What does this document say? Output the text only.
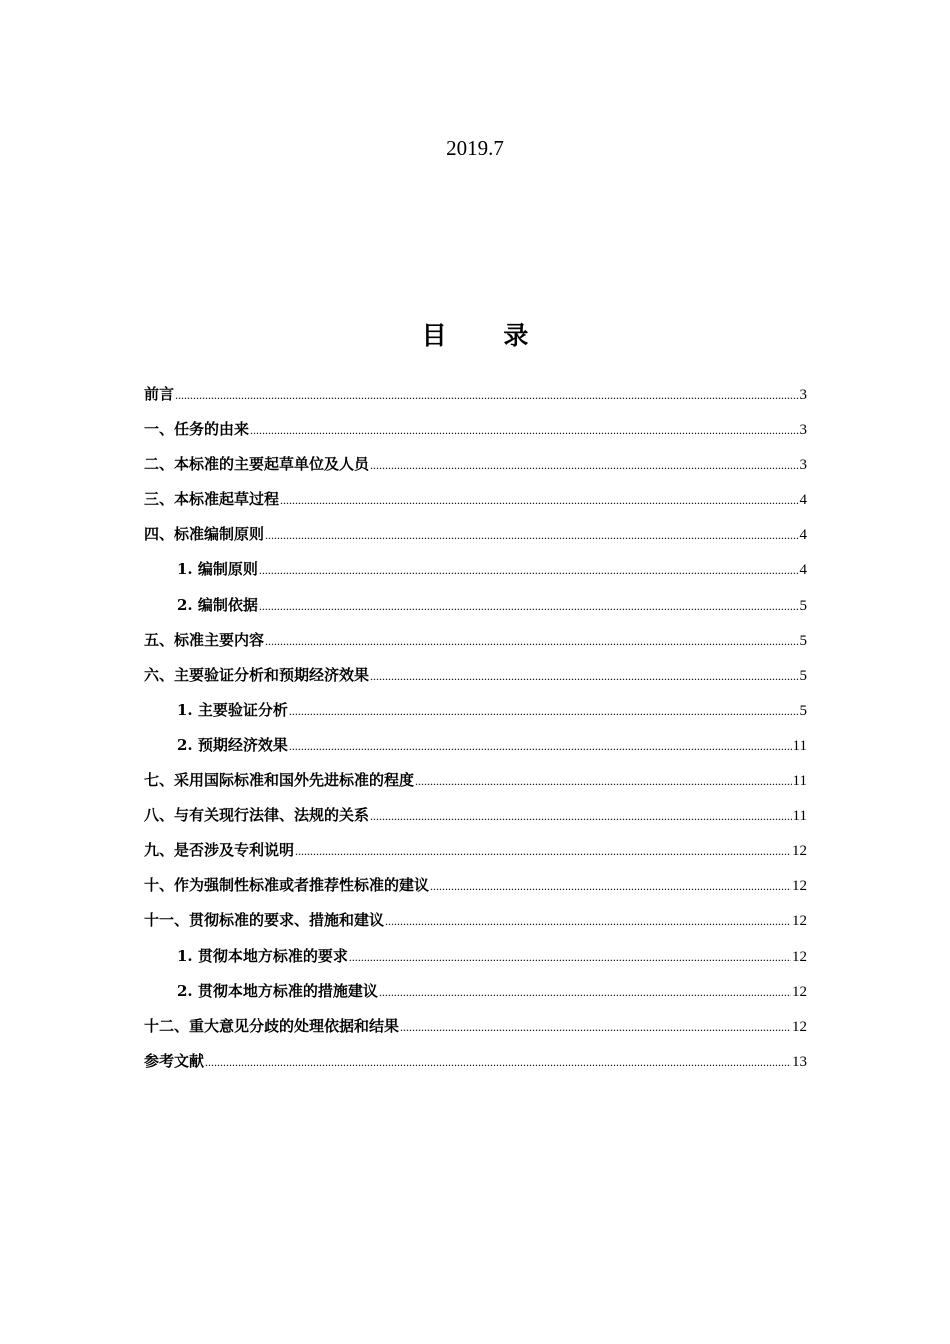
2019.7
目 录
前言 .....	3
一、任务的由来 .....	3
二、本标准的主要起草单位及人员 .....	3
三、本标准起草过程 .....	4
四、标准编制原则 .....	4
1. 编制原则 .....	4
2. 编制依据 .....	5
五、标准主要内容 .....	5
六、主要验证分析和预期经济效果 .....	5
1. 主要验证分析 .....	5
2. 预期经济效果 .....	11
七、采用国际标准和国外先进标准的程度 .....	11
八、与有关现行法律、法规的关系 .....	11
九、是否涉及专利说明 .....	12
十、作为强制性标准或者推荐性标准的建议 .....	12
十一、贯彻标准的要求、措施和建议 .....	12
1. 贯彻本地方标准的要求 .....	12
2. 贯彻本地方标准的措施建议 .....	12
十二、重大意见分歧的处理依据和结果 .....	12
参考文献 .....	13
